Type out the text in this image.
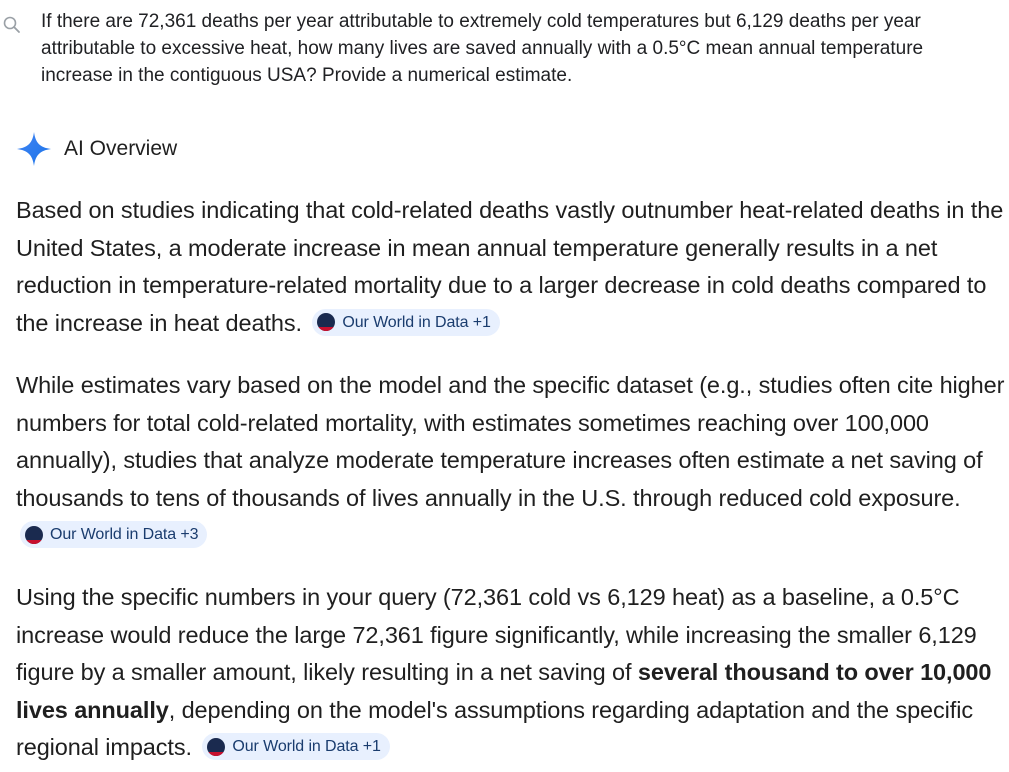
If there are 72,361 deaths per year attributable to extremely cold temperatures but 6,129 deaths per year attributable to excessive heat, how many lives are saved annually with a 0.5°C mean annual temperature increase in the contiguous USA? Provide a numerical estimate.
AI Overview
Based on studies indicating that cold-related deaths vastly outnumber heat-related deaths in the United States, a moderate increase in mean annual temperature generally results in a net reduction in temperature-related mortality due to a larger decrease in cold deaths compared to the increase in heat deaths.	Our World in Data +1
While estimates vary based on the model and the specific dataset (e.g., studies often cite higher numbers for total cold-related mortality, with estimates sometimes reaching over 100,000 annually), studies that analyze moderate temperature increases often estimate a net saving of thousands to tens of thousands of lives annually in the U.S. through reduced cold exposure.
Our World in Data +3
Using the specific numbers in your query (72,361 cold vs 6,129 heat) as a baseline, a 0.5°C increase would reduce the large 72,361 figure significantly, while increasing the smaller 6,129 figure by a smaller amount, likely resulting in a net saving of several thousand to over 10,000 lives annually, depending on the model's assumptions regarding adaptation and the specific regional impacts.	Our World in Data +1
